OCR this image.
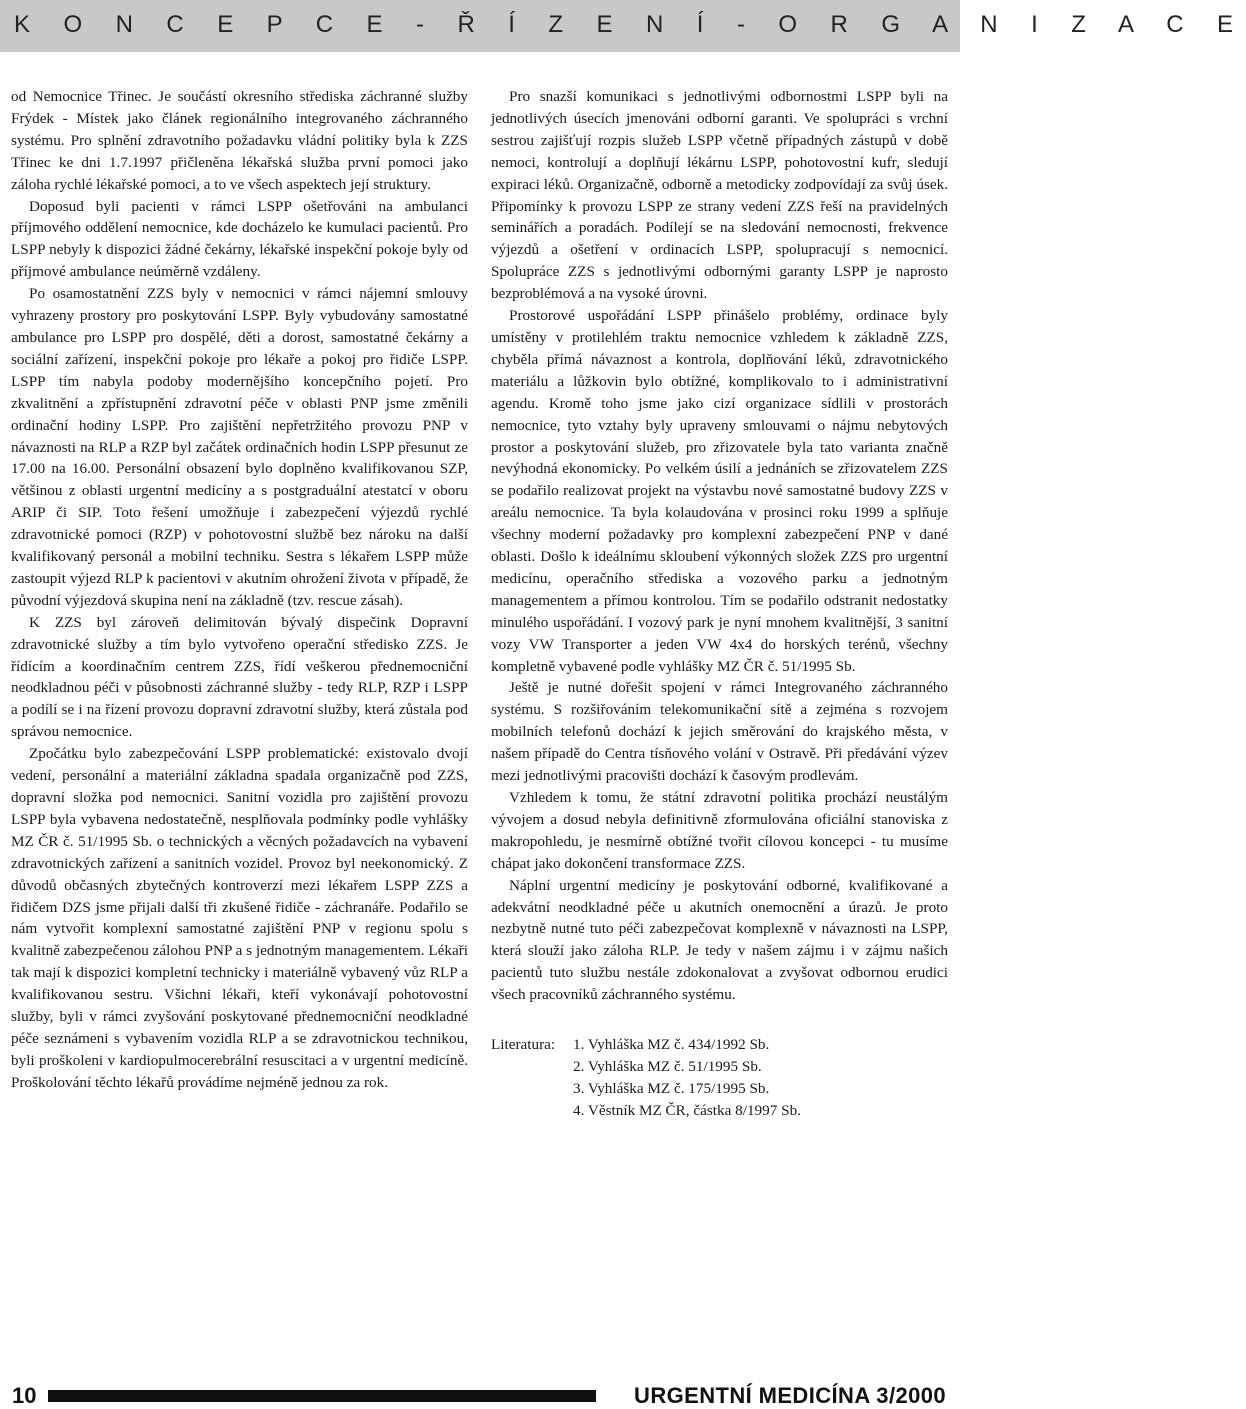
K O N C E P C E - Ř Í Z E N Í - O R G A N I Z A C E

od Nemocnice Třinec. Je součástí okresního střediska záchranné služby Frýdek - Místek jako článek regionálního integrovaného záchranného systému. Pro splnění zdravotního požadavku vládní politiky byla k ZZS Třinec ke dni 1.7.1997 přičleněna lékařská služba první pomoci jako záloha rychlé lékařské pomoci, a to ve všech aspektech její struktury.

Doposud byli pacienti v rámci LSPP ošetřováni na ambulanci příjmového oddělení nemocnice, kde docházelo ke kumulaci pacientů. Pro LSPP nebyly k dispozici žádné čekárny, lékařské inspekční pokoje byly od příjmové ambulance neúměrně vzdáleny.

Po osamostatnění ZZS byly v nemocnici v rámci nájemní smlouvy vyhrazeny prostory pro poskytování LSPP. Byly vybudovány samostatné ambulance pro LSPP pro dospělé, děti a dorost, samostatné čekárny a sociální zařízení, inspekční pokoje pro lékaře a pokoj pro řidiče LSPP. LSPP tím nabyla podoby modernějšího koncepčního pojetí. Pro zkvalitnění a zpřístupnění zdravotní péče v oblasti PNP jsme změnili ordinační hodiny LSPP. Pro zajištění nepřetržitého provozu PNP v návaznosti na RLP a RZP byl začátek ordinačních hodin LSPP přesunut ze 17.00 na 16.00. Personální obsazení bylo doplněno kvalifikovanou SZP, většinou z oblasti urgentní medicíny a s postgraduální atestatcí v oboru ARIP či SIP. Toto řešení umožňuje i zabezpečení výjezdů rychlé zdravotnické pomoci (RZP) v pohotovostní službě bez nároku na další kvalifikovaný personál a mobilní techniku. Sestra s lékařem LSPP může zastoupit výjezd RLP k pacientovi v akutním ohrožení života v případě, že původní výjezdová skupina není na základně (tzv. rescue zásah).

K ZZS byl zároveň delimitován bývalý dispečink Dopravní zdravotnické služby a tím bylo vytvořeno operační středisko ZZS. Je řídícím a koordinačním centrem ZZS, řídí veškerou přednemocniční neodkladnou péči v působnosti záchranné služby - tedy RLP, RZP i LSPP a podílí se i na řízení provozu dopravní zdravotní služby, která zůstala pod správou nemocnice.

Zpočátku bylo zabezpečování LSPP problematické: existovalo dvojí vedení, personální a materiální základna spadala organizačně pod ZZS, dopravní složka pod nemocnici. Sanitní vozidla pro zajištění provozu LSPP byla vybavena nedostatečně, nesplňovala podmínky podle vyhlášky MZ ČR č. 51/1995 Sb. o technických a věcných požadavcích na vybavení zdravotnických zařízení a sanitních vozidel. Provoz byl neekonomický. Z důvodů občasných zbytečných kontroverzí mezi lékařem LSPP ZZS a řidičem DZS jsme přijali další tři zkušené řidiče - záchranáře. Podařilo se nám vytvořit komplexní samostatné zajištění PNP v regionu spolu s kvalitně zabezpečenou zálohou PNP a s jednotným managementem. Lékaři tak mají k dispozici kompletní technicky i materiálně vybavený vůz RLP a kvalifikovanou sestru. Všichni lékaři, kteří vykonávají pohotovostní služby, byli v rámci zvyšování poskytované přednemocniční neodkladné péče seznámeni s vybavením vozidla RLP a se zdravotnickou technikou, byli proškoleni v kardiopulmocerebrální resuscitaci a v urgentní medicíně. Proškolování těchto lékařů provádíme nejméně jednou za rok.

Pro snazší komunikaci s jednotlivými odbornostmi LSPP byli na jednotlivých úsecích jmenováni odborní garanti. Ve spolupráci s vrchní sestrou zajišťují rozpis služeb LSPP včetně případných zástupů v době nemoci, kontrolují a doplňují lékárnu LSPP, pohotovostní kufr, sledují expiraci léků. Organizačně, odborně a metodicky zodpovídají za svůj úsek. Připomínky k provozu LSPP ze strany vedení ZZS řeší na pravidelných seminářích a poradách. Podílejí se na sledování nemocnosti, frekvence výjezdů a ošetření v ordinacích LSPP, spolupracují s nemocnicí. Spolupráce ZZS s jednotlivými odbornými garanty LSPP je naprosto bezproblémová a na vysoké úrovni.

Prostorové uspořádání LSPP přinášelo problémy, ordinace byly umístěny v protilehlém traktu nemocnice vzhledem k základně ZZS, chyběla přímá návaznost a kontrola, doplňování léků, zdravotnického materiálu a lůžkovin bylo obtížné, komplikovalo to i administrativní agendu. Kromě toho jsme jako cizí organizace sídlili v prostorách nemocnice, tyto vztahy byly upraveny smlouvami o nájmu nebytových prostor a poskytování služeb, pro zřizovatele byla tato varianta značně nevýhodná ekonomicky. Po velkém úsilí a jednáních se zřizovatelem ZZS se podařilo realizovat projekt na výstavbu nové samostatné budovy ZZS v areálu nemocnice. Ta byla kolaudována v prosinci roku 1999 a splňuje všechny moderní požadavky pro komplexní zabezpečení PNP v dané oblasti. Došlo k ideálnímu skloubení výkonných složek ZZS pro urgentní medicínu, operačního střediska a vozového parku a jednotným managementem a přímou kontrolou. Tím se podařilo odstranit nedostatky minulého uspořádání. I vozový park je nyní mnohem kvalitnější, 3 sanitní vozy VW Transporter a jeden VW 4x4 do horských terénů, všechny kompletně vybavené podle vyhlášky MZ ČR č. 51/1995 Sb.

Ještě je nutné dořešit spojení v rámci Integrovaného záchranného systému. S rozšiřováním telekomunikační sítě a zejména s rozvojem mobilních telefonů dochází k jejich směrování do krajského města, v našem případě do Centra tísňového volání v Ostravě. Při předávání výzev mezi jednotlivými pracovišti dochází k časovým prodlevám.

Vzhledem k tomu, že státní zdravotní politika prochází neustálým vývojem a dosud nebyla definitivně zformulována oficiální stanoviska z makropohledu, je nesmírně obtížné tvořit cílovou koncepci - tu musíme chápat jako dokončení transformace ZZS.

Náplní urgentní medicíny je poskytování odborné, kvalifikované a adekvátní neodkladné péče u akutních onemocnění a úrazů. Je proto nezbytně nutné tuto péči zabezpečovat komplexně v návaznosti na LSPP, která slouží jako záloha RLP. Je tedy v našem zájmu i v zájmu našich pacientů tuto službu nestále zdokonalovat a zvyšovat odbornou erudici všech pracovníků záchranného systému.

Literatura:	1. Vyhláška MZ č. 434/1992 Sb.
2. Vyhláška MZ č. 51/1995 Sb.
3. Vyhláška MZ č. 175/1995 Sb.
4. Věstník MZ ČR, částka 8/1997 Sb.
10	URGENTNÍ MEDICÍNA 3/2000
